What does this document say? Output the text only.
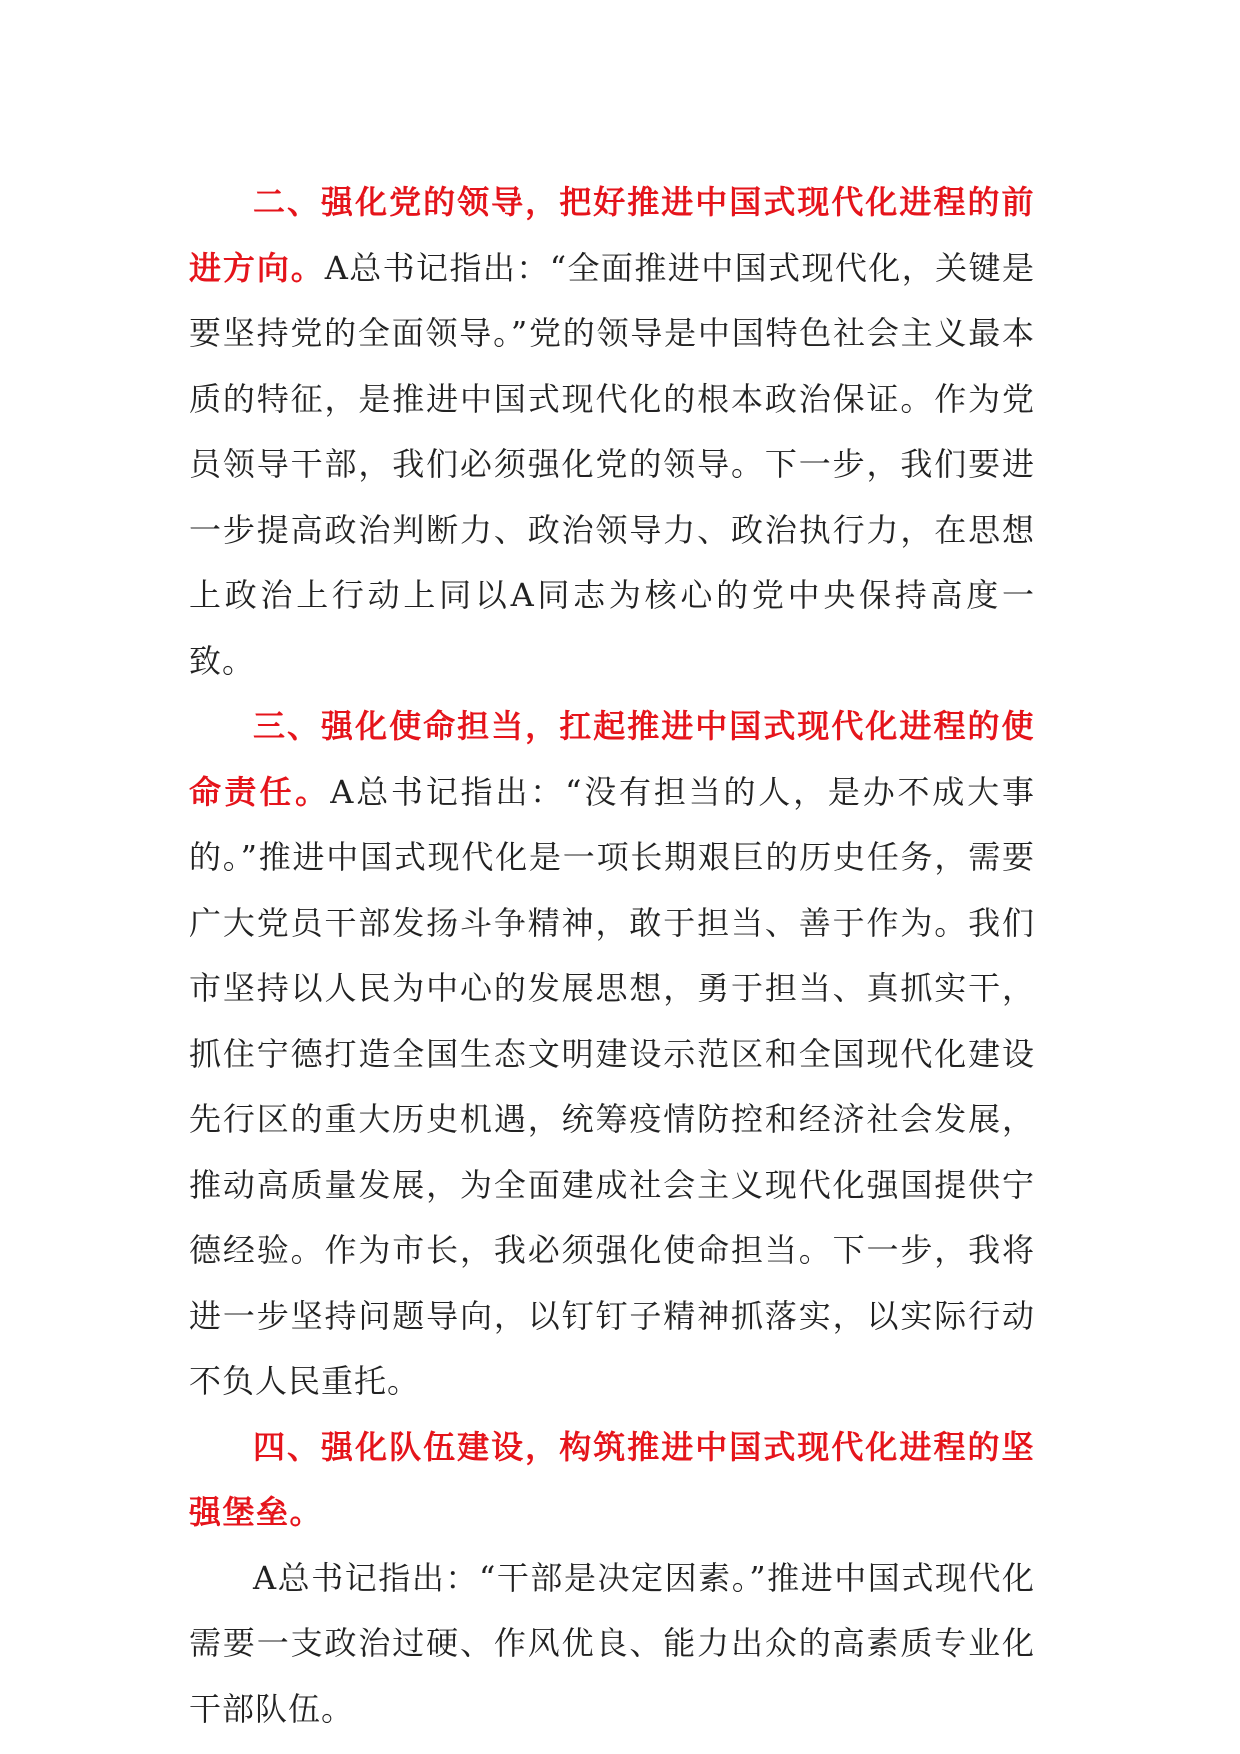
二、强化党的领导，把好推进中国式现代化进程的前进方向。A总书记指出：“全面推进中国式现代化，关键是要坚持党的全面领导。”党的领导是中国特色社会主义最本质的特征，是推进中国式现代化的根本政治保证。作为党员领导干部，我们必须强化党的领导。下一步，我们要进一步提高政治判断力、政治领导力、政治执行力，在思想上政治上行动上同以A同志为核心的党中央保持高度一致。

三、强化使命担当，扛起推进中国式现代化进程的使命责任。A总书记指出：“没有担当的人，是办不成大事的。”推进中国式现代化是一项长期艰巨的历史任务，需要广大党员干部发扬斗争精神，敢于担当、善于作为。我们市坚持以人民为中心的发展思想，勇于担当、真抓实干，抓住宁德打造全国生态文明建设示范区和全国现代化建设先行区的重大历史机遇，统筹疫情防控和经济社会发展，推动高质量发展，为全面建成社会主义现代化强国提供宁德经验。作为市长，我必须强化使命担当。下一步，我将进一步坚持问题导向，以钉钉子精神抓落实，以实际行动不负人民重托。

四、强化队伍建设，构筑推进中国式现代化进程的坚强堡垒。

A总书记指出：“干部是决定因素。”推进中国式现代化需要一支政治过硬、作风优良、能力出众的高素质专业化干部队伍。
